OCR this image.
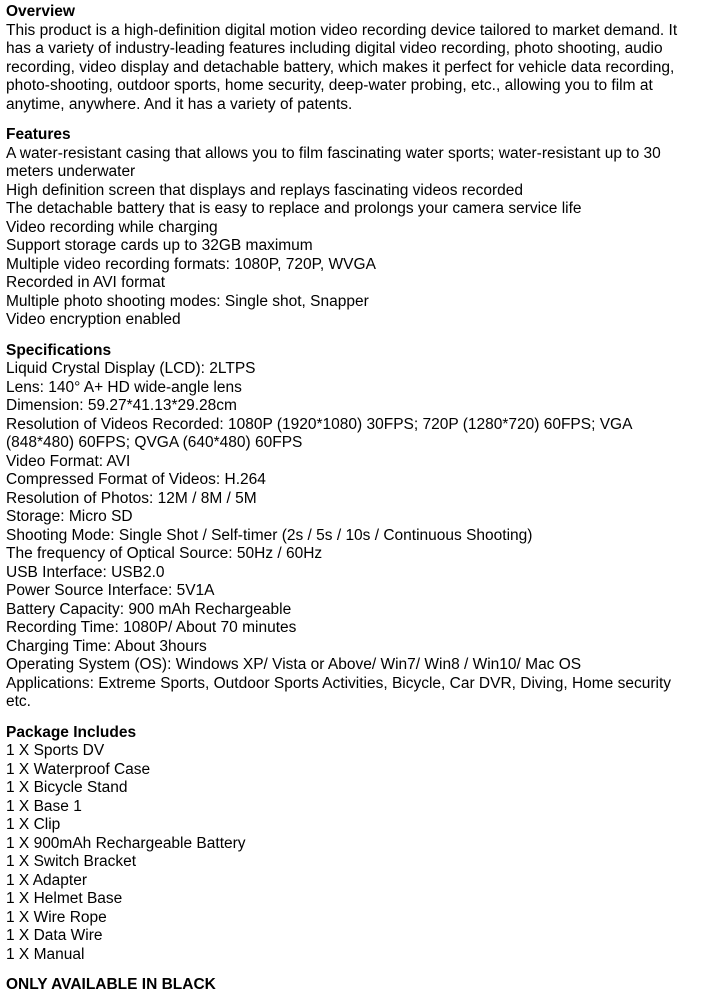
Overview

This product is a high-definition digital motion video recording device tailored to market demand. It has a variety of industry-leading features including digital video recording, photo shooting, audio recording, video display and detachable battery, which makes it perfect for vehicle data recording, photo-shooting, outdoor sports, home security, deep-water probing, etc., allowing you to film at anytime, anywhere. And it has a variety of patents.

Features

A water-resistant casing that allows you to film fascinating water sports; water-resistant up to 30 meters underwater
High definition screen that displays and replays fascinating videos recorded
The detachable battery that is easy to replace and prolongs your camera service life
Video recording while charging
Support storage cards up to 32GB maximum
Multiple video recording formats: 1080P, 720P, WVGA
Recorded in AVI format
Multiple photo shooting modes: Single shot, Snapper
Video encryption enabled

Specifications

Liquid Crystal Display (LCD): 2LTPS
Lens: 140° A+ HD wide-angle lens
Dimension: 59.27*41.13*29.28cm
Resolution of Videos Recorded: 1080P (1920*1080) 30FPS; 720P (1280*720) 60FPS; VGA (848*480) 60FPS; QVGA (640*480) 60FPS
Video Format: AVI
Compressed Format of Videos: H.264
Resolution of Photos: 12M / 8M / 5M
Storage: Micro SD
Shooting Mode: Single Shot / Self-timer (2s / 5s / 10s / Continuous Shooting)
The frequency of Optical Source: 50Hz / 60Hz
USB Interface: USB2.0
Power Source Interface: 5V1A
Battery Capacity: 900 mAh Rechargeable
Recording Time: 1080P/ About 70 minutes
Charging Time: About 3hours
Operating System (OS): Windows XP/ Vista or Above/ Win7/ Win8 / Win10/ Mac OS
Applications: Extreme Sports, Outdoor Sports Activities, Bicycle, Car DVR, Diving, Home security etc.

Package Includes

1 X Sports DV
1 X Waterproof Case
1 X Bicycle Stand
1 X Base 1
1 X Clip
1 X 900mAh Rechargeable Battery
1 X Switch Bracket
1 X Adapter
1 X Helmet Base
1 X Wire Rope
1 X Data Wire
1 X Manual

ONLY AVAILABLE IN BLACK
